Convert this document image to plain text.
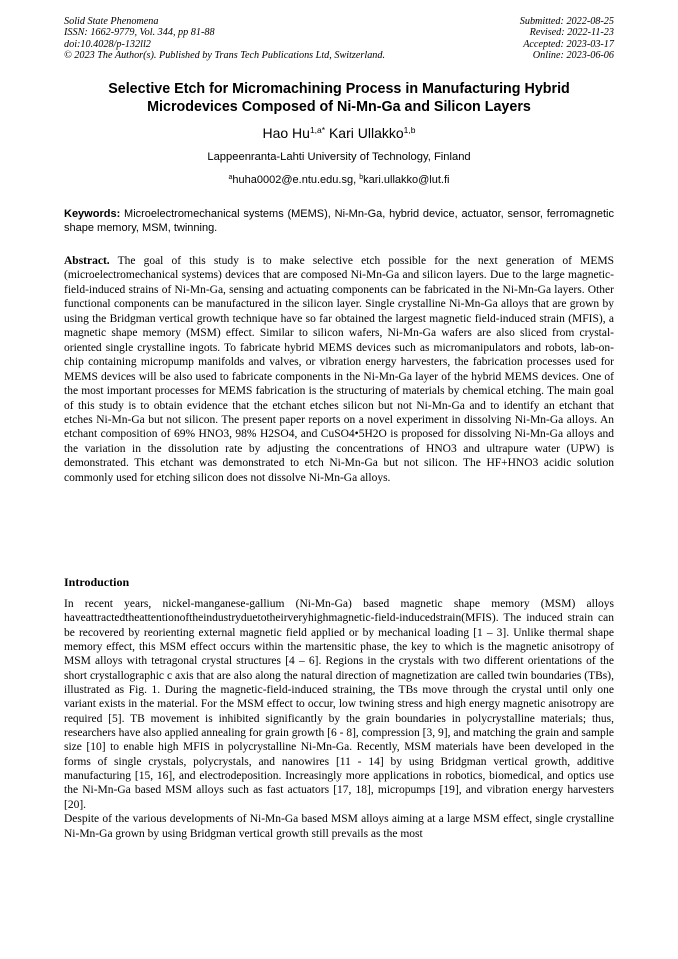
Solid State Phenomena
ISSN: 1662-9779, Vol. 344, pp 81-88
doi:10.4028/p-132ll2
© 2023 The Author(s). Published by Trans Tech Publications Ltd, Switzerland.
Submitted: 2022-08-25
Revised: 2022-11-23
Accepted: 2023-03-17
Online: 2023-06-06
Selective Etch for Micromachining Process in Manufacturing Hybrid
Microdevices Composed of Ni-Mn-Ga and Silicon Layers
Hao $Hu^{1,a*}$ Kari Ullakko$^{1,b}$
Lappeenranta-Lahti University of Technology, Finland
$^a$huha0002@e.ntu.edu.sg, $^b$kari.ullakko@lut.fi
Keywords: Microelectromechanical systems (MEMS), Ni-Mn-Ga, hybrid device, actuator, sensor, ferromagnetic shape memory, MSM, twinning.
Abstract. The goal of this study is to make selective etch possible for the next generation of MEMS (microelectromechanical systems) devices that are composed Ni-Mn-Ga and silicon layers. Due to the large magnetic-field-induced strains of Ni-Mn-Ga, sensing and actuating components can be fabricated in the Ni-Mn-Ga layers. Other functional components can be manufactured in the silicon layer. Single crystalline Ni-Mn-Ga alloys that are grown by using the Bridgman vertical growth technique have so far obtained the largest magnetic field-induced strain (MFIS), a magnetic shape memory (MSM) effect. Similar to silicon wafers, Ni-Mn-Ga wafers are also sliced from crystal-oriented single crystalline ingots. To fabricate hybrid MEMS devices such as micromanipulators and robots, lab-on-chip containing micropump manifolds and valves, or vibration energy harvesters, the fabrication processes used for MEMS devices will be also used to fabricate components in the Ni-Mn-Ga layer of the hybrid MEMS devices. One of the most important processes for MEMS fabrication is the structuring of materials by chemical etching. The main goal of this study is to obtain evidence that the etchant etches silicon but not Ni-Mn-Ga and to identify an etchant that etches Ni-Mn-Ga but not silicon. The present paper reports on a novel experiment in dissolving Ni-Mn-Ga alloys. An etchant composition of 69% HNO3, 98% H2SO4, and CuSO4•5H2O is proposed for dissolving Ni-Mn-Ga alloys and the variation in the dissolution rate by adjusting the concentrations of HNO3 and ultrapure water (UPW) is demonstrated. This etchant was demonstrated to etch Ni-Mn-Ga but not silicon. The HF+HNO3 acidic solution commonly used for etching silicon does not dissolve Ni-Mn-Ga alloys.
Introduction

In recent years, nickel-manganese-gallium (Ni-Mn-Ga) based magnetic shape memory (MSM) alloys haveattractedtheattentionoftheindustryduetotheirveryhighmagnetic-field-inducedstrain(MFIS). The induced strain can be recovered by reorienting external magnetic field applied or by mechanical loading [1 – 3]. Unlike thermal shape memory effect, this MSM effect occurs within the martensitic phase, the key to which is the magnetic anisotropy of MSM alloys with tetragonal crystal structures [4 – 6]. Regions in the crystals with two different orientations of the short crystallographic c axis that are also along the natural direction of magnetization are called twin boundaries (TBs), illustrated as Fig. 1. During the magnetic-field-induced straining, the TBs move through the crystal until only one variant exists in the material. For the MSM effect to occur, low twining stress and high energy magnetic anisotropy are required [5]. TB movement is inhibited significantly by the grain boundaries in polycrystalline materials; thus, researchers have also applied annealing for grain growth [6 - 8], compression [3, 9], and matching the grain and sample size [10] to enable high MFIS in polycrystalline Ni-Mn-Ga. Recently, MSM materials have been developed in the forms of single crystals, polycrystals, and nanowires [11 - 14] by using Bridgman vertical growth, additive manufacturing [15, 16], and electrodeposition. Increasingly more applications in robotics, biomedical, and optics use the Ni-Mn-Ga based MSM alloys such as fast actuators [17, 18], micropumps [19], and vibration energy harvesters [20].

Despite of the various developments of Ni-Mn-Ga based MSM alloys aiming at a large MSM effect, single crystalline Ni-Mn-Ga grown by using Bridgman vertical growth still prevails as the most
